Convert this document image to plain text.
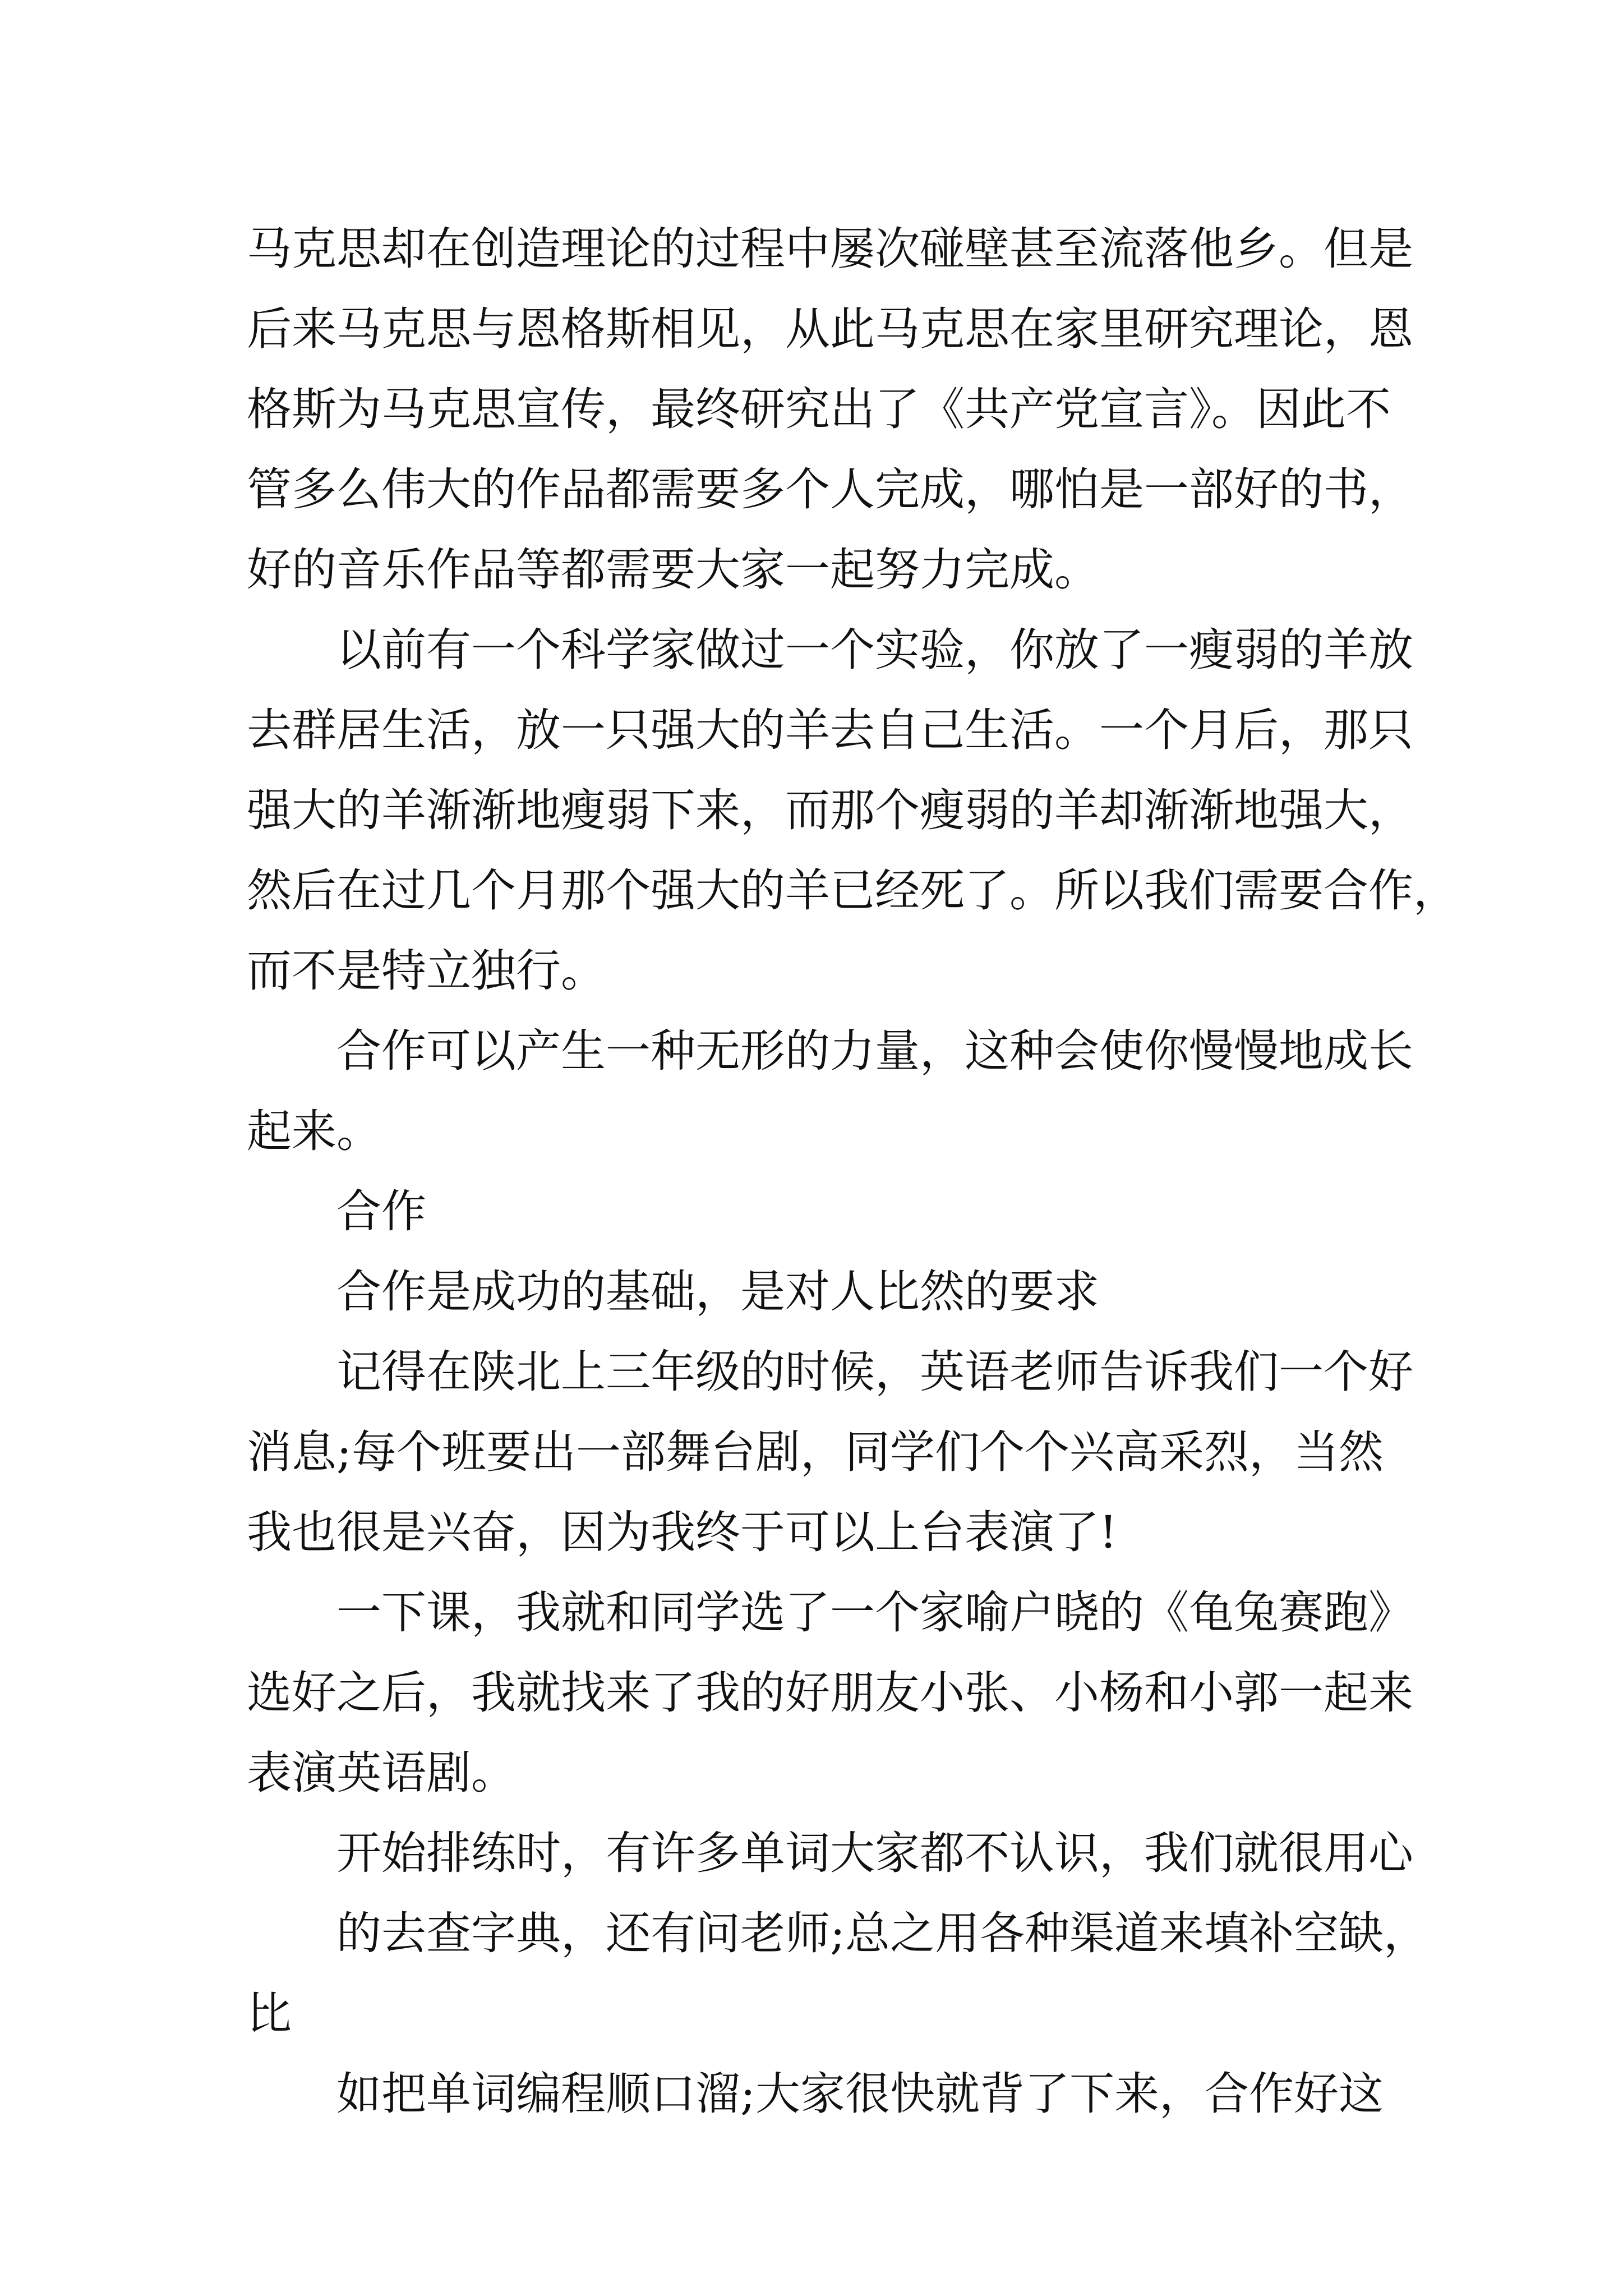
马克思却在创造理论的过程中屡次碰壁甚至流落他乡。但是
后来马克思与恩格斯相见，从此马克思在家里研究理论，恩
格斯为马克思宣传，最终研究出了《共产党宣言》。因此不
管多么伟大的作品都需要多个人完成，哪怕是一部好的书，
好的音乐作品等都需要大家一起努力完成。
以前有一个科学家做过一个实验，你放了一瘦弱的羊放
去群居生活，放一只强大的羊去自己生活。一个月后，那只
强大的羊渐渐地瘦弱下来，而那个瘦弱的羊却渐渐地强大，
然后在过几个月那个强大的羊已经死了。所以我们需要合作，
而不是特立独行。
合作可以产生一种无形的力量，这种会使你慢慢地成长
起来。
合作
合作是成功的基础，是对人比然的要求
记得在陕北上三年级的时候，英语老师告诉我们一个好
消息;每个班要出一部舞台剧，同学们个个兴高采烈，当然
我也很是兴奋，因为我终于可以上台表演了!
一下课，我就和同学选了一个家喻户晓的《龟兔赛跑》
选好之后，我就找来了我的好朋友小张、小杨和小郭一起来
表演英语剧。
开始排练时，有许多单词大家都不认识，我们就很用心
的去查字典，还有问老师;总之用各种渠道来填补空缺，
比
如把单词编程顺口溜;大家很快就背了下来，合作好这
